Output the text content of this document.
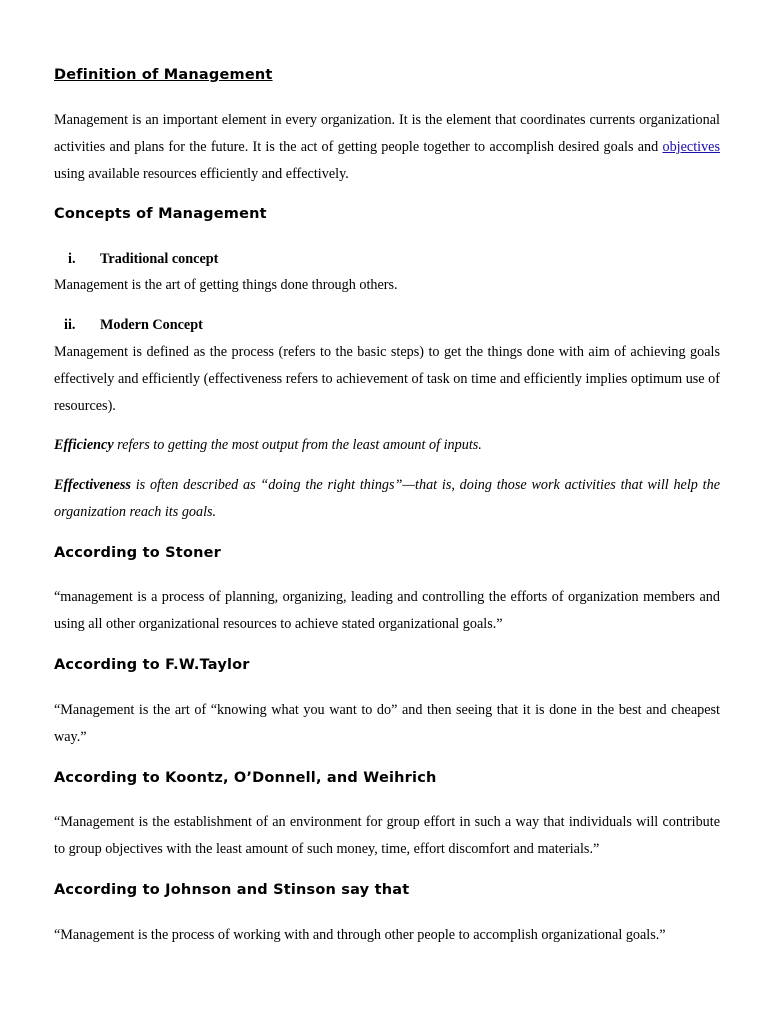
Definition of Management
Management is an important element in every organization. It is the element that coordinates currents organizational activities and plans for the future. It is the act of getting people together to accomplish desired goals and objectives using available resources efficiently and effectively.
Concepts of Management
i. Traditional concept
Management is the art of getting things done through others.
ii. Modern Concept
Management is defined as the process (refers to the basic steps) to get the things done with aim of achieving goals effectively and efficiently (effectiveness refers to achievement of task on time and efficiently implies optimum use of resources).
Efficiency refers to getting the most output from the least amount of inputs.
Effectiveness is often described as “doing the right things”—that is, doing those work activities that will help the organization reach its goals.
According to Stoner
“management is a process of planning, organizing, leading and controlling the efforts of organization members and using all other organizational resources to achieve stated organizational goals.”
According to F.W.Taylor
“Management is the art of “knowing what you want to do” and then seeing that it is done in the best and cheapest way.”
According to Koontz, O’Donnell, and Weihrich
“Management is the establishment of an environment for group effort in such a way that individuals will contribute to group objectives with the least amount of such money, time, effort discomfort and materials.”
According to Johnson and Stinson say that
“Management is the process of working with and through other people to accomplish organizational goals.”
